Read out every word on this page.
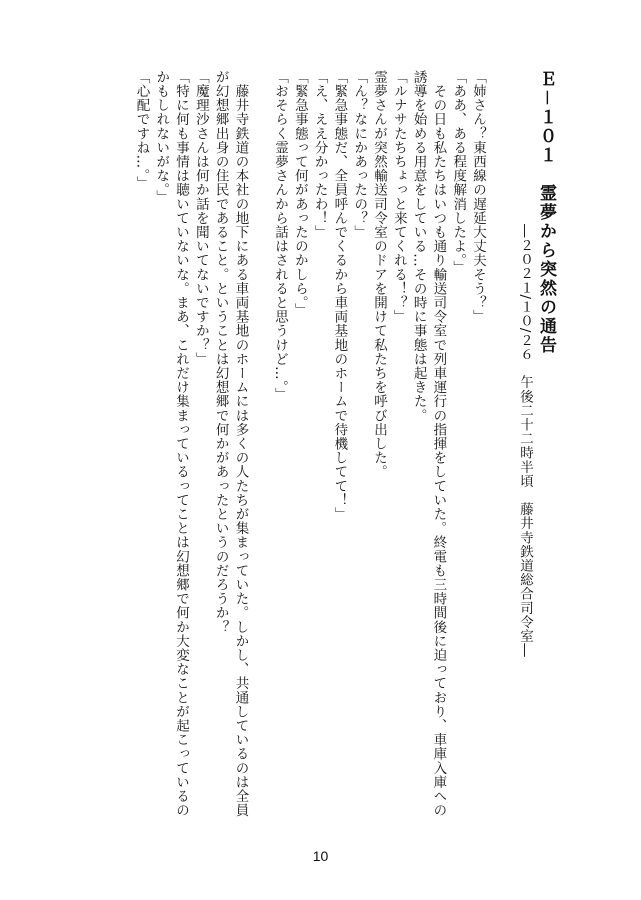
Ｅ－１０１　霊夢から突然の通告
―２０２１/１０/２６　午後二十二時半頃　藤井寺鉄道総合司令室―

「姉さん？東西線の遅延大丈夫そう？」

「ああ、ある程度解消したよ。」

　その日も私たちはいつも通り輸送司令室で列車運行の指揮をしていた。終電も三時間後に迫っており、車庫入庫への誘導を始める用意をしている…その時に事態は起きた。

「ルナサたちちょっと来てくれる！？」

霊夢さんが突然輸送司令室のドアを開けて私たちを呼び出した。

「ん？なにかあったの？」

「緊急事態だ、全員呼んでくるから車両基地のホームで待機してて！」

「え、ええ分かったわ！」

「緊急事態って何があったのかしら。」

「おそらく霊夢さんから話はされると思うけど…。」

　藤井寺鉄道の本社の地下にある車両基地のホームには多くの人たちが集まっていた。しかし、共通しているのは全員が幻想郷出身の住民であること。ということは幻想郷で何かがあったというのだろうか？

「魔理沙さんは何か話を聞いてないですか？」

「特に何も事情は聴いていないな。まあ、これだけ集まっているってことは幻想郷で何か大変なことが起こっているのかもしれないがな。」

「心配ですね…。」

10
